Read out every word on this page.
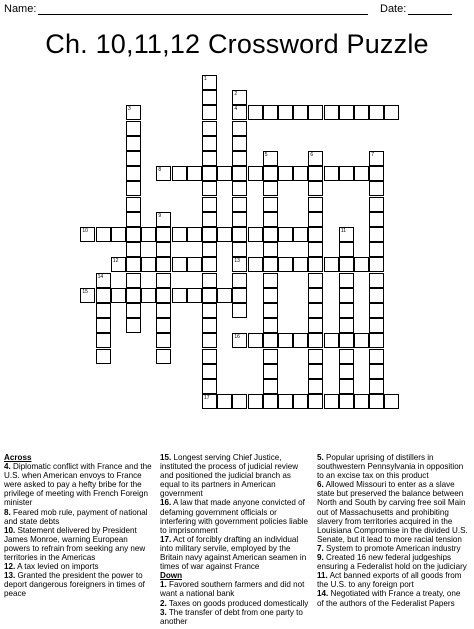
Name:	Date:
Ch. 10,11,12 Crossword Puzzle
1
2
4
13
3
5	6	7
8
9
10	11
12
14
15
16
17

Across

4. Diplomatic conflict with France and the U.S. when American envoys to France were asked to pay a hefty bribe for the privilege of meeting with French Foreign minister

8. Feared mob rule, payment of national and state debts

10. Statement delivered by President James Monroe, warning European powers to refrain from seeking any new territories in the Americas

12. A tax levied on imports

13. Granted the president the power to deport dangerous foreigners in times of peace

15. Longest serving Chief Justice, instituted the process of judicial review and positioned the judicial branch as equal to its partners in American government

16. A law that made anyone convicted of defaming government officials or interfering with government policies liable to imprisonment

17. Act of forcibly drafting an individual into military servile, employed by the Britain navy against American seamen in times of war against France

Down

1. Favored southern farmers and did not want a national bank

2. Taxes on goods produced domestically

3. The transfer of debt from one party to another

5. Popular uprising of distillers in southwestern Pennsylvania in opposition to an excise tax on this product

6. Allowed Missouri to enter as a slave state but preserved the balance between North and South by carving free soil Main out of Massachusetts and prohibiting slavery from territories acquired in the Louisiana Compromise in the divided U.S. Senate, but it lead to more racial tension

7. System to promote American industry

9. Created 16 new federal judgeships ensuring a Federalist hold on the judiciary

11. Act banned exports of all goods from the U.S. to any foreign port

14. Negotiated with France a treaty, one of the authors of the Federalist Papers
